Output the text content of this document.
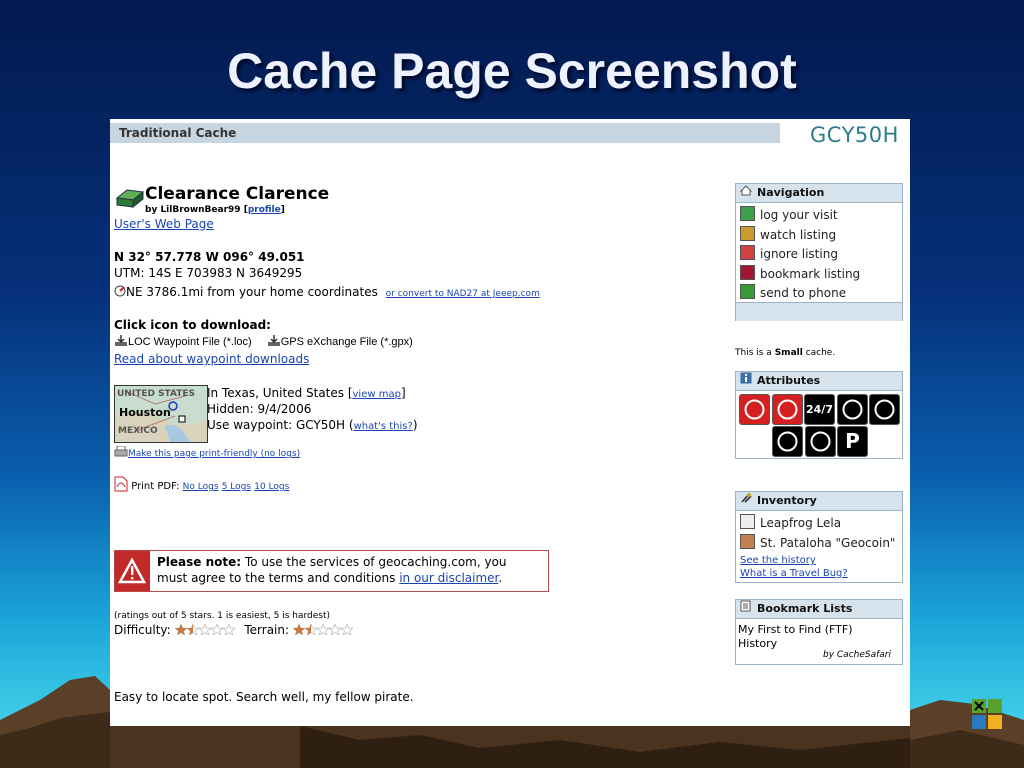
Cache Page Screenshot
Traditional Cache	GCY50H
Clearance Clarence
by LilBrownBear99 [profile]
User's Web Page
N 32° 57.778 W 096° 49.051
UTM: 14S E 703983 N 3649295
NE 3786.1mi from your home coordinates or convert to NAD27 at Jeeep.com
Click icon to download:
LOC Waypoint File (*.loc)	GPS eXchange File (*.gpx)
Read about waypoint downloads
UNITED STATES
Houston
MEXICO
In Texas, United States [view map]
Hidden: 9/4/2006
Use waypoint: GCY50H (what's this?)
Make this page print-friendly (no logs)
Print PDF: No Logs 5 Logs 10 Logs
Please note: To use the services of geocaching.com, you
must agree to the terms and conditions in our disclaimer.
(ratings out of 5 stars. 1 is easiest, 5 is hardest)
Difficulty:	Terrain:
Easy to locate spot. Search well, my fellow pirate.
Navigation
log your visit
watch listing
ignore listing
bookmark listing
send to phone
This is a Small cache.
Attributes
24/7
P
Inventory
Leapfrog Lela
St. Pataloha "Geocoin"
See the history
What is a Travel Bug?
Bookmark Lists
My First to Find (FTF)
History
by CacheSafari
